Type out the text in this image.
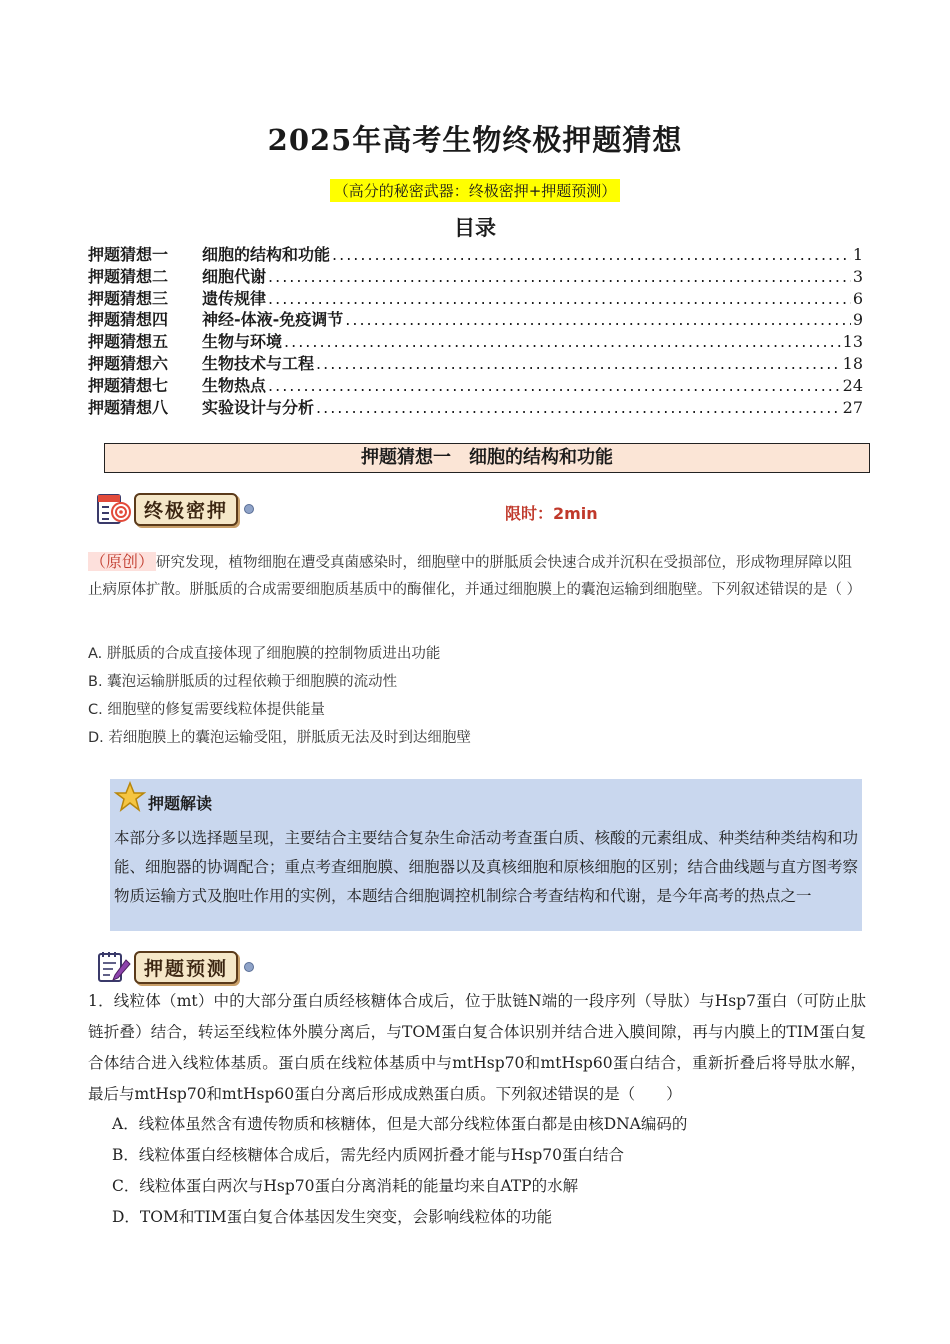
2025年高考生物终极押题猜想
（高分的秘密武器：终极密押+押题预测）
目录
押题猜想一	细胞的结构和功能 .....	1
押题猜想二	细胞代谢 .....	3
押题猜想三	遗传规律 .....	6
押题猜想四	神经-体液-免疫调节 .....	9
押题猜想五	生物与环境 .....	13
押题猜想六	生物技术与工程 .....	18
押题猜想七	生物热点 .....	24
押题猜想八	实验设计与分析 .....	27
押题猜想一　细胞的结构和功能
终极密押	限时：2min
（原创） 研究发现，植物细胞在遭受真菌感染时，细胞壁中的胼胝质会快速合成并沉积在受损部位，形成物理屏障以阻止病原体扩散。胼胝质的合成需要细胞质基质中的酶催化，并通过细胞膜上的囊泡运输到细胞壁。下列叙述错误的是（ ）
A. 胼胝质的合成直接体现了细胞膜的控制物质进出功能
B. 囊泡运输胼胝质的过程依赖于细胞膜的流动性
C. 细胞壁的修复需要线粒体提供能量
D. 若细胞膜上的囊泡运输受阻，胼胝质无法及时到达细胞壁
押题解读
本部分多以选择题呈现，主要结合主要结合复杂生命活动考查蛋白质、核酸的元素组成、种类结种类结构和功能、细胞器的协调配合；重点考查细胞膜、细胞器以及真核细胞和原核细胞的区别；结合曲线题与直方图考察物质运输方式及胞吐作用的实例，本题结合细胞调控机制综合考查结构和代谢，是今年高考的热点之一
押题预测
1．线粒体（mt）中的大部分蛋白质经核糖体合成后，位于肽链N端的一段序列（导肽）与Hsp7蛋白（可防止肽链折叠）结合，转运至线粒体外膜分离后，与TOM蛋白复合体识别并结合进入膜间隙，再与内膜上的TIM蛋白复合体结合进入线粒体基质。蛋白质在线粒体基质中与mtHsp70和mtHsp60蛋白结合，重新折叠后将导肽水解，最后与mtHsp70和mtHsp60蛋白分离后形成成熟蛋白质。下列叙述错误的是（　　）
A．线粒体虽然含有遗传物质和核糖体，但是大部分线粒体蛋白都是由核DNA编码的
B．线粒体蛋白经核糖体合成后，需先经内质网折叠才能与Hsp70蛋白结合
C．线粒体蛋白两次与Hsp70蛋白分离消耗的能量均来自ATP的水解
D．TOM和TIM蛋白复合体基因发生突变，会影响线粒体的功能
